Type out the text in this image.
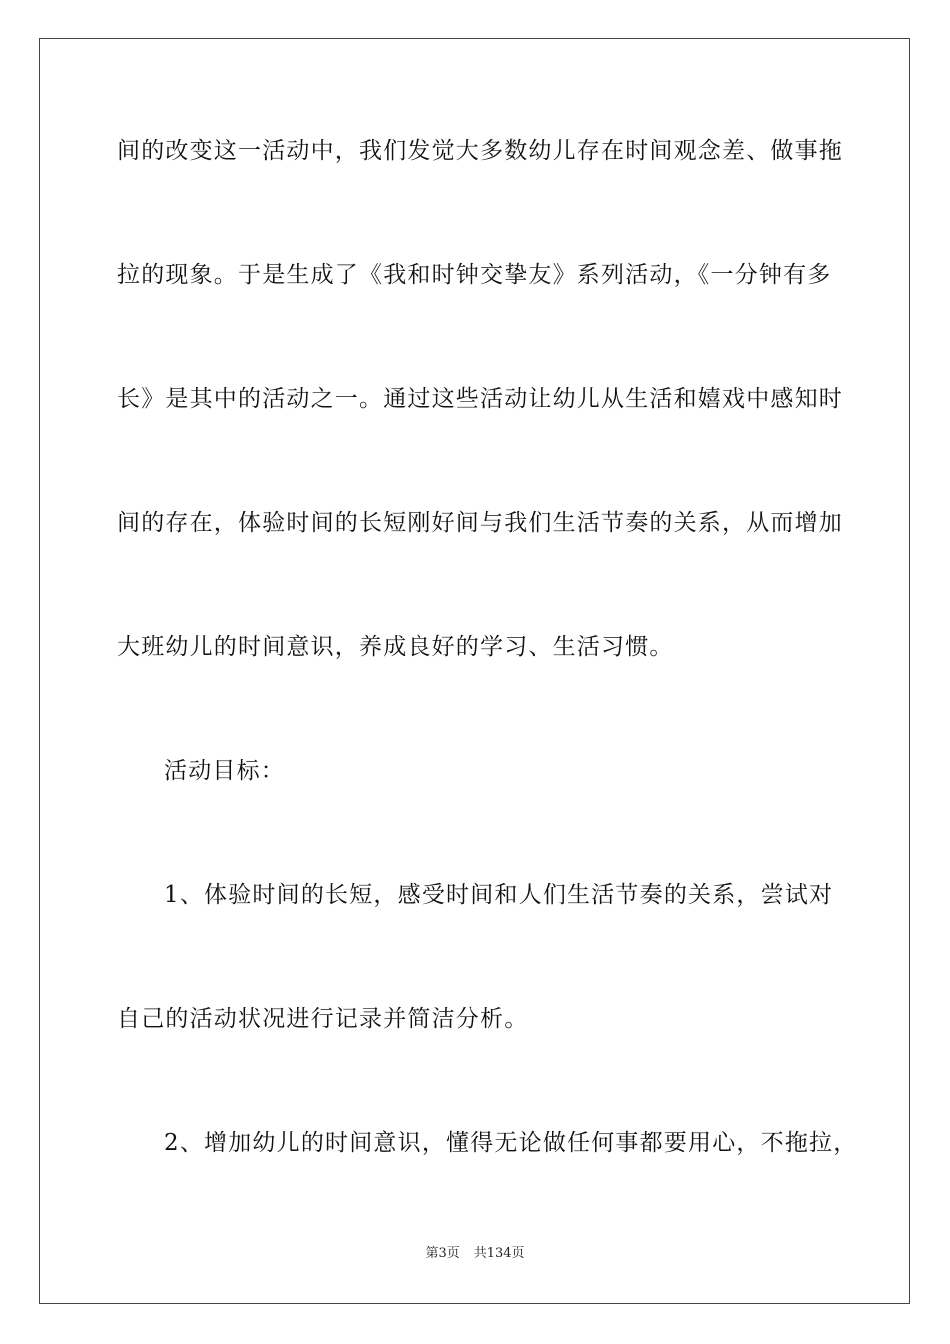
间的改变这一活动中，我们发觉大多数幼儿存在时间观念差、做事拖
拉的现象。于是生成了《我和时钟交挚友》系列活动，《一分钟有多
长》是其中的活动之一。通过这些活动让幼儿从生活和嬉戏中感知时
间的存在，体验时间的长短刚好间与我们生活节奏的关系，从而增加
大班幼儿的时间意识，养成良好的学习、生活习惯。
活动目标：
1、体验时间的长短，感受时间和人们生活节奏的关系，尝试对
自己的活动状况进行记录并简洁分析。
2、增加幼儿的时间意识，懂得无论做任何事都要用心，不拖拉，
第3页 共134页
